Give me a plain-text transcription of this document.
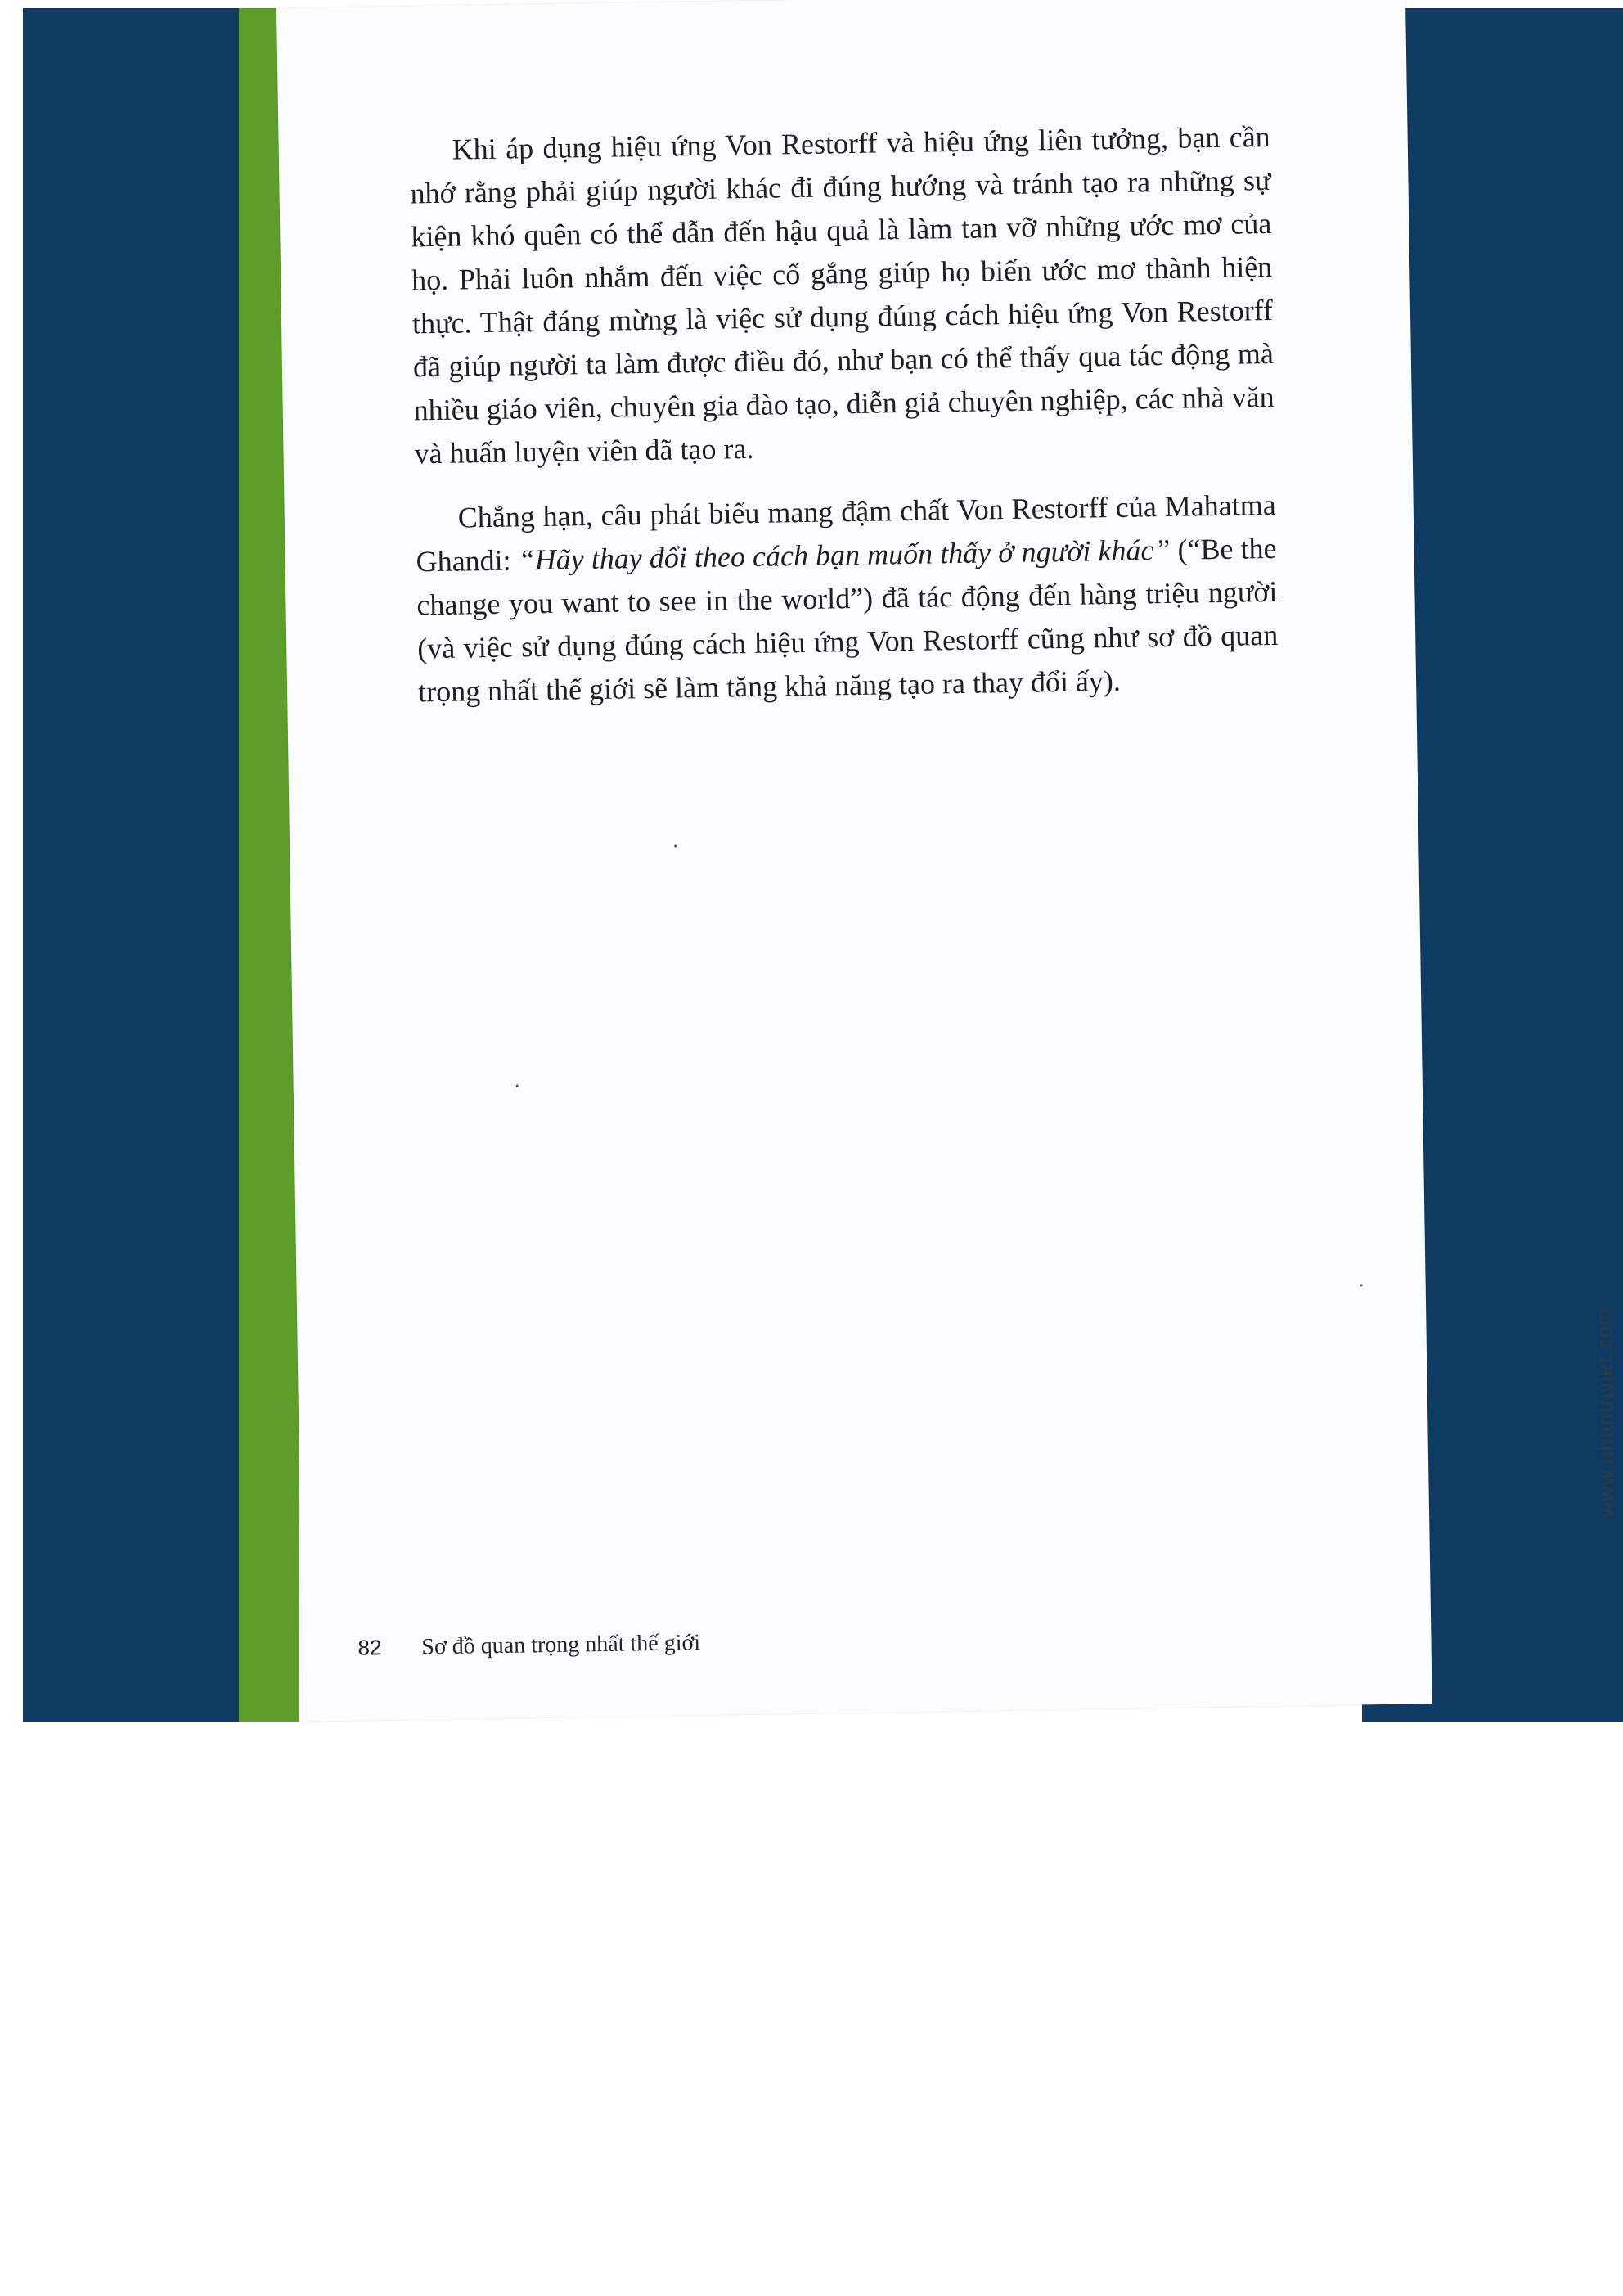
Khi áp dụng hiệu ứng Von Restorff và hiệu ứng liên tưởng, bạn cần nhớ rằng phải giúp người khác đi đúng hướng và tránh tạo ra những sự kiện khó quên có thể dẫn đến hậu quả là làm tan vỡ những ước mơ của họ. Phải luôn nhắm đến việc cố gắng giúp họ biến ước mơ thành hiện thực. Thật đáng mừng là việc sử dụng đúng cách hiệu ứng Von Restorff đã giúp người ta làm được điều đó, như bạn có thể thấy qua tác động mà nhiều giáo viên, chuyên gia đào tạo, diễn giả chuyên nghiệp, các nhà văn và huấn luyện viên đã tạo ra.

Chẳng hạn, câu phát biểu mang đậm chất Von Restorff của Mahatma Ghandi: “Hãy thay đổi theo cách bạn muốn thấy ở người khác” (“Be the change you want to see in the world”) đã tác động đến hàng triệu người (và việc sử dụng đúng cách hiệu ứng Von Restorff cũng như sơ đồ quan trọng nhất thế giới sẽ làm tăng khả năng tạo ra thay đổi ấy).

82 Sơ đồ quan trọng nhất thế giới
www.nhantriviet.com
